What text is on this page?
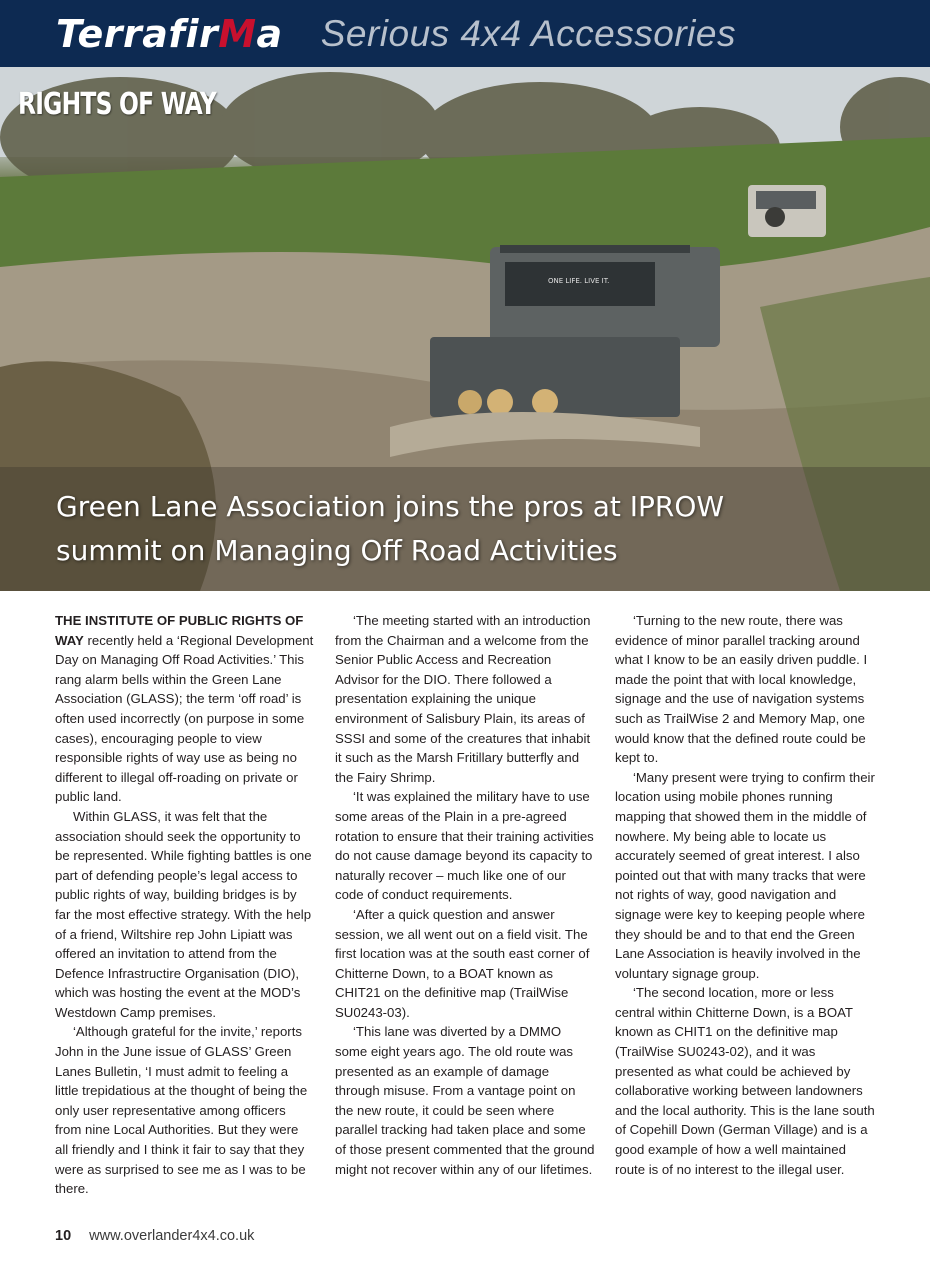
Terrafir M a Serious 4x4 Accessories
ONE LIFE. LIVE IT.
RIGHTS OF WAY
Green Lane Association joins the pros at IPROW summit on Managing Off Road Activities

THE INSTITUTE OF PUBLIC RIGHTS OF WAY recently held a ‘Regional Development Day on Managing Off Road Activities.’ This rang alarm bells within the Green Lane Association (GLASS); the term ‘off road’ is often used incorrectly (on purpose in some cases), encouraging people to view responsible rights of way use as being no different to illegal off-roading on private or public land.

Within GLASS, it was felt that the association should seek the opportunity to be represented. While fighting battles is one part of defending people’s legal access to public rights of way, building bridges is by far the most effective strategy. With the help of a friend, Wiltshire rep John Lipiatt was offered an invitation to attend from the Defence Infrastructire Organisation (DIO), which was hosting the event at the MOD’s Westdown Camp premises.

‘Although grateful for the invite,’ reports John in the June issue of GLASS’ Green Lanes Bulletin, ‘I must admit to feeling a little trepidatious at the thought of being the only user representative among officers from nine Local Authorities. But they were all friendly and I think it fair to say that they were as surprised to see me as I was to be there.

‘The meeting started with an introduction from the Chairman and a welcome from the Senior Public Access and Recreation Advisor for the DIO. There followed a presentation explaining the unique environment of Salisbury Plain, its areas of SSSI and some of the creatures that inhabit it such as the Marsh Fritillary butterfly and the Fairy Shrimp.

‘It was explained the military have to use some areas of the Plain in a pre-agreed rotation to ensure that their training activities do not cause damage beyond its capacity to naturally recover – much like one of our code of conduct requirements.

‘After a quick question and answer session, we all went out on a field visit. The first location was at the south east corner of Chitterne Down, to a BOAT known as CHIT21 on the definitive map (TrailWise SU0243-03).

‘This lane was diverted by a DMMO some eight years ago. The old route was presented as an example of damage through misuse. From a vantage point on the new route, it could be seen where parallel tracking had taken place and some of those present commented that the ground might not recover within any of our lifetimes.

‘Turning to the new route, there was evidence of minor parallel tracking around what I know to be an easily driven puddle. I made the point that with local knowledge, signage and the use of navigation systems such as TrailWise 2 and Memory Map, one would know that the defined route could be kept to.

‘Many present were trying to confirm their location using mobile phones running mapping that showed them in the middle of nowhere. My being able to locate us accurately seemed of great interest. I also pointed out that with many tracks that were not rights of way, good navigation and signage were key to keeping people where they should be and to that end the Green Lane Association is heavily involved in the voluntary signage group.

‘The second location, more or less central within Chitterne Down, is a BOAT known as CHIT1 on the definitive map (TrailWise SU0243-02), and it was presented as what could be achieved by collaborative working between landowners and the local authority. This is the lane south of Copehill Down (German Village) and is a good example of how a well maintained route is of no interest to the illegal user.

10 www.overlander4x4.co.uk
